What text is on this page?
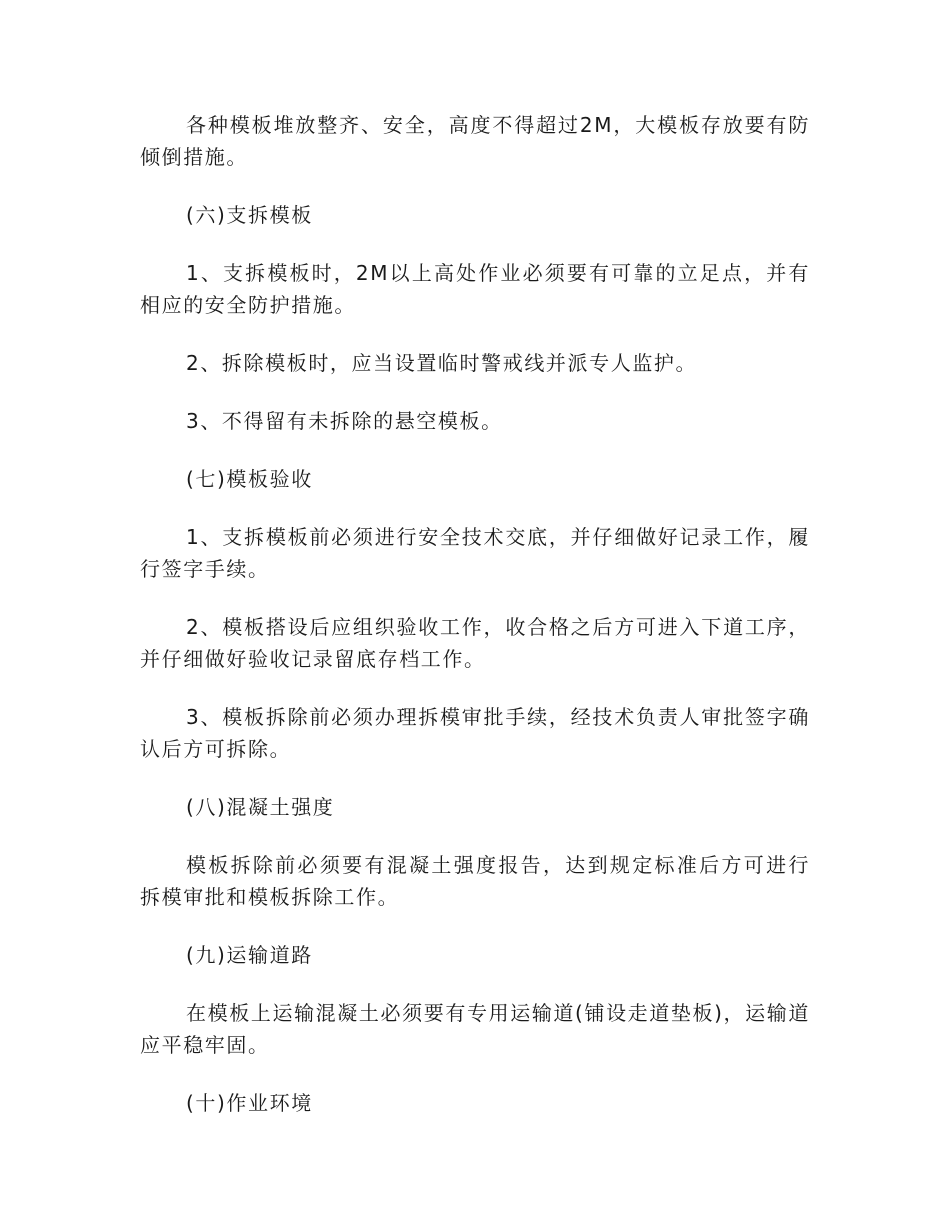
各种模板堆放整齐、安全，高度不得超过2M，大模板存放要有防倾倒措施。

(六)支拆模板

1、支拆模板时，2M以上高处作业必须要有可靠的立足点，并有相应的安全防护措施。

2、拆除模板时，应当设置临时警戒线并派专人监护。

3、不得留有未拆除的悬空模板。

(七)模板验收

1、支拆模板前必须进行安全技术交底，并仔细做好记录工作，履行签字手续。

2、模板搭设后应组织验收工作，收合格之后方可进入下道工序，并仔细做好验收记录留底存档工作。

3、模板拆除前必须办理拆模审批手续，经技术负责人审批签字确认后方可拆除。

(八)混凝土强度

模板拆除前必须要有混凝土强度报告，达到规定标准后方可进行拆模审批和模板拆除工作。

(九)运输道路

在模板上运输混凝土必须要有专用运输道(铺设走道垫板)，运输道应平稳牢固。

(十)作业环境
